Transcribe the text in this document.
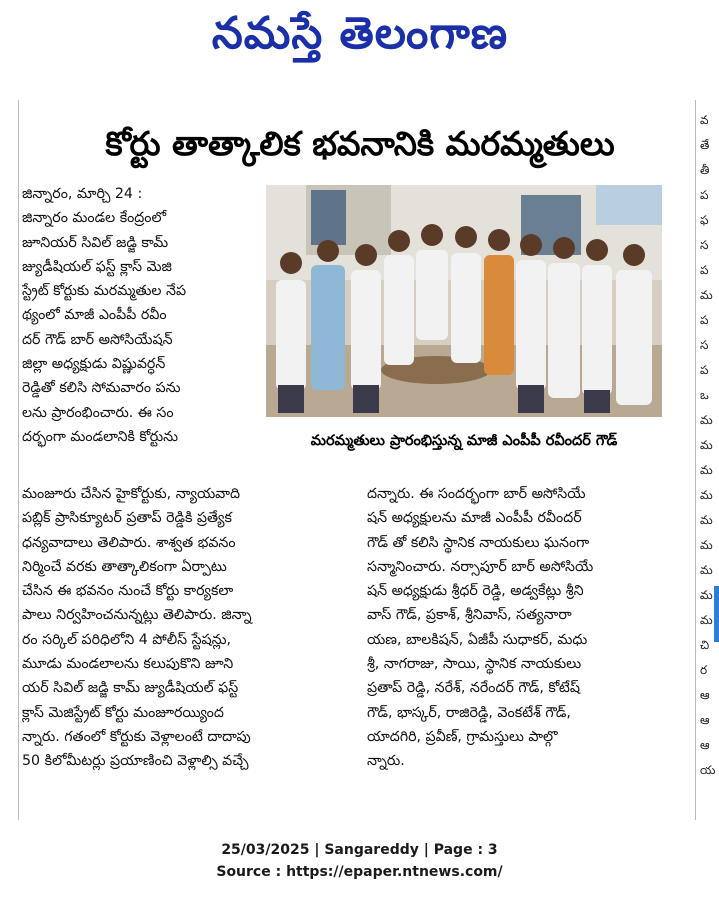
నమస్తే తెలంగాణ
వ
తే
తీ
ప
ఫ
స
ప
మ
ప
స
ప
ఒ
మ
మ
మ
మ
మ
మ
మ
మ
మ
చి
ర
ఆ
ఆ
ఆ
య
కోర్టు తాత్కాలిక భవనానికి మరమ్మతులు
జిన్నారం, మార్చి 24 :
జిన్నారం మండల కేంద్రంలో
జూనియర్ సివిల్ జడ్జి కామ్
జ్యుడీషియల్ ఫస్ట్ క్లాస్ మెజి
స్ట్రేట్ కోర్టుకు మరమ్మతుల నేప
థ్యంలో మాజీ ఎంపీపీ రవీం
దర్ గౌడ్ బార్ అసోసియేషన్
జిల్లా అధ్యక్షుడు విష్ణువర్ధన్
రెడ్డితో కలిసి సోమవారం పను
లను ప్రారంభించారు. ఈ సం
దర్భంగా మండలానికి కోర్టును
మంజూరు చేసిన హైకోర్టుకు, న్యాయవాది
పబ్లిక్ ప్రాసిక్యూటర్ ప్రతాప్ రెడ్డికి ప్రత్యేక
ధన్యవాదాలు తెలిపారు. శాశ్వత భవనం
నిర్మించే వరకు తాత్కాలికంగా ఏర్పాటు
చేసిన ఈ భవనం నుంచే కోర్టు కార్యకలా
పాలు నిర్వహించనున్నట్లు తెలిపారు. జిన్నా
రం సర్కిల్ పరిధిలోని 4 పోలీస్ స్టేషన్లు,
మూడు మండలాలను కలుపుకొని జూని
యర్ సివిల్ జడ్జి కామ్ జ్యుడీషియల్ ఫస్ట్
క్లాస్ మెజిస్ట్రేట్ కోర్టు మంజూరయ్యింద
న్నారు. గతంలో కోర్టుకు వెళ్లాలంటే దాదాపు
50 కిలోమీటర్లు ప్రయాణించి వెళ్లాల్సి వచ్చే
దన్నారు. ఈ సందర్భంగా బార్ అసోసియే
షన్ అధ్యక్షులను మాజీ ఎంపీపీ రవీందర్
గౌడ్ తో కలిసి స్థానిక నాయకులు ఘనంగా
సన్మానించారు. నర్సాపూర్ బార్ అసోసియే
షన్ అధ్యక్షుడు శ్రీధర్ రెడ్డి, అడ్వకేట్లు శ్రీని
వాస్ గౌడ్, ప్రకాశ్, శ్రీనివాస్, సత్యనారా
యణ, బాలకిషన్, ఏజీపీ సుధాకర్, మధు
శ్రీ, నాగరాజు, సాయి, స్థానిక నాయకులు
ప్రతాప్ రెడ్డి, నరేశ్, నరేందర్ గౌడ్, కోటేష్
గౌడ్, భాస్కర్, రాజిరెడ్డి, వెంకటేశ్ గౌడ్,
యాదగిరి, ప్రవీణ్, గ్రామస్తులు పాల్గొ
న్నారు.
మరమ్మతులు ప్రారంభిస్తున్న మాజీ ఎంపీపీ రవీందర్ గౌడ్
25/03/2025 | Sangareddy | Page : 3
Source : https://epaper.ntnews.com/
